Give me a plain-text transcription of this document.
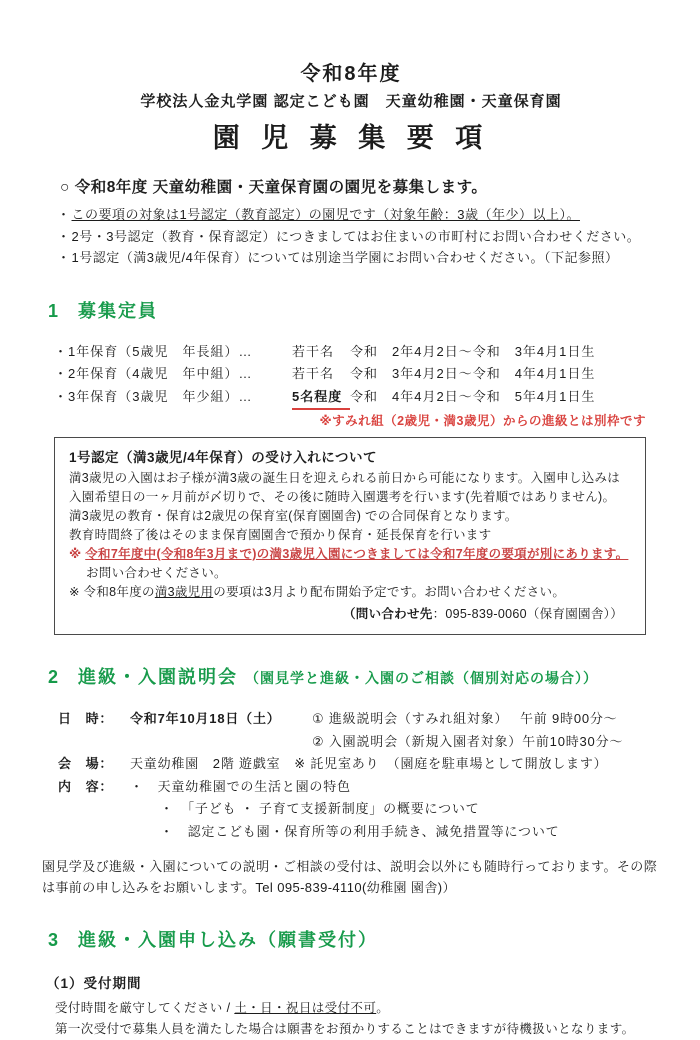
令和8年度
学校法人金丸学園 認定こども園　天童幼稚園・天童保育園
園 児 募 集 要 項
○ 令和8年度 天童幼稚園・天童保育園の園児を募集します。
・この要項の対象は1号認定（教育認定）の園児です（対象年齢：3歳（年少）以上）。
・2号・3号認定（教育・保育認定）につきましてはお住まいの市町村にお問い合わせください。
・1号認定（満3歳児/4年保育）については別途当学園にお問い合わせください。（下記参照）
1 募集定員
・1年保育（5歳児　年長組）…	若干名	令和　2年4月2日～令和　3年4月1日生
・2年保育（4歳児　年中組）…	若干名	令和　3年4月2日～令和　4年4月1日生
・3年保育（3歳児　年少組）…	5名程度 令和　4年4月2日～令和　5年4月1日生
※すみれ組（2歳児・満3歳児）からの進級とは別枠です
1号認定（満3歳児/4年保育）の受け入れについて
満3歳児の入園はお子様が満3歳の誕生日を迎えられる前日から可能になります。入園申し込みは入園希望日の一ヶ月前が〆切りで、その後に随時入園選考を行います(先着順ではありません)。
満3歳児の教育・保育は2歳児の保育室(保育園園舎) での合同保育となります。
教育時間終了後はそのまま保育園園舎で預かり保育・延長保育を行います
※ 令和7年度中(令和8年3月まで)の満3歳児入園につきましては令和7年度の要項が別にあります。
お問い合わせください。
※ 令和8年度の満3歳児用の要項は3月より配布開始予定です。お問い合わせください。
（問い合わせ先：095-839-0060（保育園園舎））
2 進級・入園説明会 （園見学と進級・入園のご相談（個別対応の場合））
日　時：	令和7年10月18日（土）	① 進級説明会（すみれ組対象）　 午前 9時00分～
② 入園説明会（新規入園者対象）午前10時30分～
会　場：	天童幼稚園　2階 遊戯室　※ 託児室あり　（園庭を駐車場として開放します）
内　容：	・　天童幼稚園での生活と園の特色
・　「子ども ・ 子育て支援新制度」の概要について
・　認定こども園・保育所等の利用手続き、減免措置等について
園見学及び進級・入園についての説明・ご相談の受付は、説明会以外にも随時行っております。その際は事前の申し込みをお願いします。Tel 095-839-4110(幼稚園 園舎)）
3 進級・入園申し込み（願書受付）
（1）受付期間
受付時間を厳守してください / 土・日・祝日は受付不可。
第一次受付で募集人員を満たした場合は願書をお預かりすることはできますが待機扱いとなります。
